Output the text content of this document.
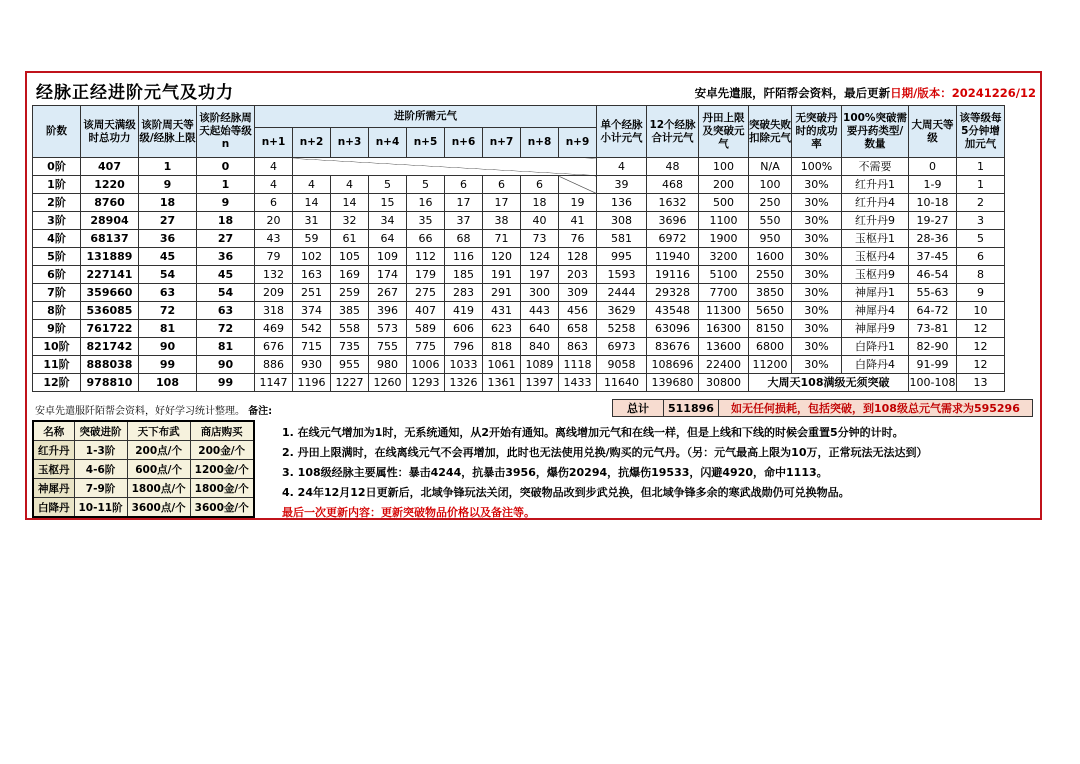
经脉正经进阶元气及功力	安卓先遣服，阡陌帮会资料，最后更新日期/版本：20241226/12
阶数	该周天满级时总功力	该阶周天等级/经脉上限	该阶经脉周天起始等级 n	进阶所需元气									单个经脉小计元气	12个经脉合计元气	丹田上限及突破元气	突破失败扣除元气	无突破丹时的成功率	100%突破需要丹药类型/数量	大周天等级	该等级每5分钟增加元气
				n+1	n+2	n+3	n+4	n+5	n+6	n+7	n+8	n+9								
0阶	407	1	0	4									4	48	100	N/A	100%	不需要	0	1
1阶	1220	9	1	4	4	4	5	5	6	6	6		39	468	200	100	30%	红升丹1	1-9	1
2阶	8760	18	9	6	14	14	15	16	17	17	18	19	136	1632	500	250	30%	红升丹4	10-18	2
3阶	28904	27	18	20	31	32	34	35	37	38	40	41	308	3696	1100	550	30%	红升丹9	19-27	3
4阶	68137	36	27	43	59	61	64	66	68	71	73	76	581	6972	1900	950	30%	玉枢丹1	28-36	5
5阶	131889	45	36	79	102	105	109	112	116	120	124	128	995	11940	3200	1600	30%	玉枢丹4	37-45	6
6阶	227141	54	45	132	163	169	174	179	185	191	197	203	1593	19116	5100	2550	30%	玉枢丹9	46-54	8
7阶	359660	63	54	209	251	259	267	275	283	291	300	309	2444	29328	7700	3850	30%	神犀丹1	55-63	9
8阶	536085	72	63	318	374	385	396	407	419	431	443	456	3629	43548	11300	5650	30%	神犀丹4	64-72	10
9阶	761722	81	72	469	542	558	573	589	606	623	640	658	5258	63096	16300	8150	30%	神犀丹9	73-81	12
10阶	821742	90	81	676	715	735	755	775	796	818	840	863	6973	83676	13600	6800	30%	白降丹1	82-90	12
11阶	888038	99	90	886	930	955	980	1006	1033	1061	1089	1118	9058	108696	22400	11200	30%	白降丹4	91-99	12
12阶	978810	108	99	1147	1196	1227	1260	1293	1326	1361	1397	1433	11640	139680	30800	大周天108满级无须突破			100-108	13
安卓先遣服阡陌帮会资料，好好学习统计整理。 备注:	总计	511896	如无任何损耗，包括突破，到108级总元气需求为595296
名称	突破进阶	天下布武	商店购买
红升丹	1-3阶	200点/个	200金/个
玉枢丹	4-6阶	600点/个	1200金/个
神犀丹	7-9阶	1800点/个	1800金/个
白降丹	10-11阶	3600点/个	3600金/个
1. 在线元气增加为1时，无系统通知，从2开始有通知。离线增加元气和在线一样，但是上线和下线的时候会重置5分钟的计时。
2. 丹田上限满时，在线离线元气不会再增加，此时也无法使用兑换/购买的元气丹。（另：元气最高上限为10万，正常玩法无法达到）
3. 108级经脉主要属性：暴击4244，抗暴击3956，爆伤20294，抗爆伤19533，闪避4920，命中1113。
4. 24年12月12日更新后，北域争锋玩法关闭，突破物品改到步武兑换，但北域争锋多余的寒武战勋仍可兑换物品。
最后一次更新内容：更新突破物品价格以及备注等。
